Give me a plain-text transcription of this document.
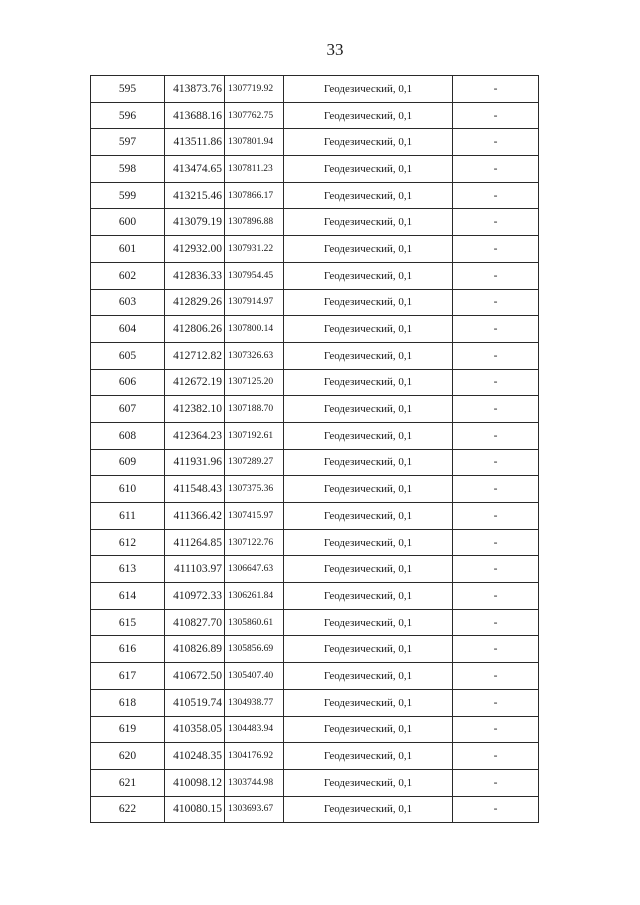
33
595	413873.76	1307719.92	Геодезический, 0,1	-
596	413688.16	1307762.75	Геодезический, 0,1	-
597	413511.86	1307801.94	Геодезический, 0,1	-
598	413474.65	1307811.23	Геодезический, 0,1	-
599	413215.46	1307866.17	Геодезический, 0,1	-
600	413079.19	1307896.88	Геодезический, 0,1	-
601	412932.00	1307931.22	Геодезический, 0,1	-
602	412836.33	1307954.45	Геодезический, 0,1	-
603	412829.26	1307914.97	Геодезический, 0,1	-
604	412806.26	1307800.14	Геодезический, 0,1	-
605	412712.82	1307326.63	Геодезический, 0,1	-
606	412672.19	1307125.20	Геодезический, 0,1	-
607	412382.10	1307188.70	Геодезический, 0,1	-
608	412364.23	1307192.61	Геодезический, 0,1	-
609	411931.96	1307289.27	Геодезический, 0,1	-
610	411548.43	1307375.36	Геодезический, 0,1	-
611	411366.42	1307415.97	Геодезический, 0,1	-
612	411264.85	1307122.76	Геодезический, 0,1	-
613	411103.97	1306647.63	Геодезический, 0,1	-
614	410972.33	1306261.84	Геодезический, 0,1	-
615	410827.70	1305860.61	Геодезический, 0,1	-
616	410826.89	1305856.69	Геодезический, 0,1	-
617	410672.50	1305407.40	Геодезический, 0,1	-
618	410519.74	1304938.77	Геодезический, 0,1	-
619	410358.05	1304483.94	Геодезический, 0,1	-
620	410248.35	1304176.92	Геодезический, 0,1	-
621	410098.12	1303744.98	Геодезический, 0,1	-
622	410080.15	1303693.67	Геодезический, 0,1	-
